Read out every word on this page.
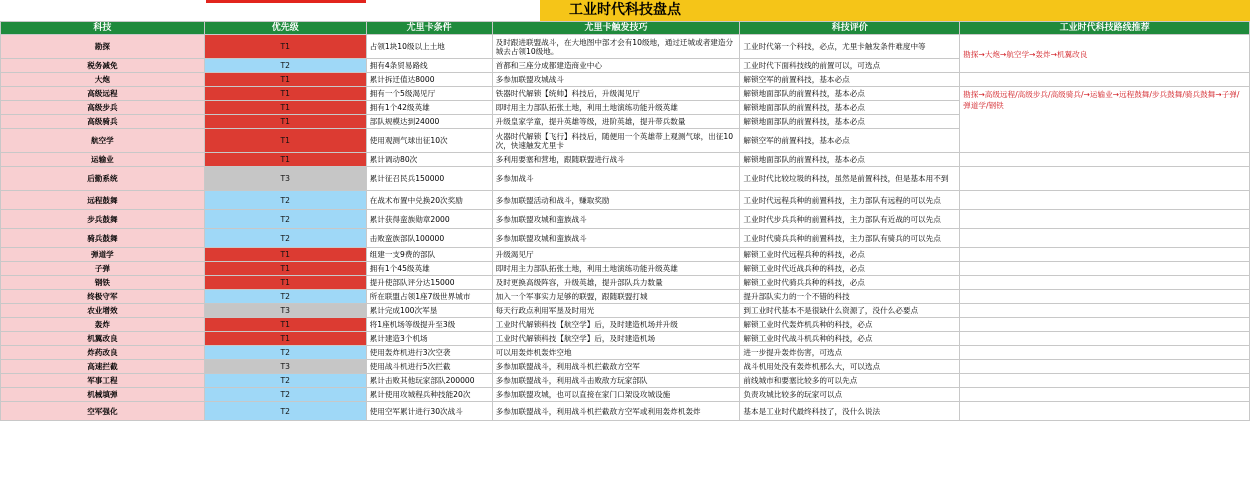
工业时代科技盘点
科技	优先级	尤里卡条件	尤里卡触发技巧	科技评价	工业时代科技路线推荐
勘探	T1	占领1块10级以上土地	及时跟进联盟战斗，在大地图中部才会有10级地，通过迁城或者建造分城去占领10级地。	工业时代第一个科技，必点，尤里卡触发条件难度中等	勘探→大炮→航空学→轰炸→机翼改良
税务减免	T2	拥有4条贸易路线	首都和三座分成都建造商业中心	工业时代下面科技线的前置可以，可选点	
大炮	T1	累计拆迁值达8000	多参加联盟攻城战斗	解锁空军的前置科技，基本必点	
高级远程	T1	拥有一个5级渴见厅	铁器时代解锁【统帅】科技后，升级渴见厅	解锁地面部队的前置科技，基本必点	勘探→高级远程/高级步兵/高级骑兵/→运输业→远程鼓舞/步兵鼓舞/骑兵鼓舞→子弹/弹道学/钢铁
高级步兵	T1	拥有1个42级英雄	即时用主力部队拓张土地，利用土地演练功能升级英雄	解锁地面部队的前置科技，基本必点	
高级骑兵	T1	部队规模达到24000	升级皇家学童，提升英雄等级，进阶英雄，提升带兵数量	解锁地面部队的前置科技，基本必点	
航空学	T1	使用观测气球出征10次	火器时代解锁【飞行】科技后，随便用一个英雄带上观测气球，出征10次，快速触发尤里卡	解锁空军的前置科技，基本必点	
运输业	T1	累计调动80次	多利用要塞和营地，跟随联盟进行战斗	解锁地面部队的前置科技，基本必点	
后勤系统	T3	累计征召民兵150000	多参加战斗	工业时代比较垃圾的科技，虽然是前置科技，但是基本用不到	
远程鼓舞	T2	在战术布置中兑换20次奖励	多参加联盟活动和战斗，赚取奖励	工业时代远程兵种的前置科技，主力部队有远程的可以先点	
步兵鼓舞	T2	累计获得蛮族勋章2000	多参加联盟攻城和蛮族战斗	工业时代步兵兵种的前置科技，主力部队有近战的可以先点	
骑兵鼓舞	T2	击败蛮族部队100000	多参加联盟攻城和蛮族战斗	工业时代骑兵兵种的前置科技，主力部队有骑兵的可以先点	
弹道学	T1	组建一支9费的部队	升级渴见厅	解锁工业时代远程兵种的科技，必点	
子弹	T1	拥有1个45级英雄	即时用主力部队拓张土地，利用土地演练功能升级英雄	解锁工业时代近战兵种的科技，必点	
钢铁	T1	提升使部队评分达15000	及时更换高级阵容，升级英雄，提升部队兵力数量	解锁工业时代骑兵兵种的科技，必点	
终极守军	T2	所在联盟占领1座7级世界城市	加入一个军事实力足够的联盟，跟随联盟打城	提升部队实力的一个不错的科技	
农业增效	T3	累计完成100次军垦	每天行政点利用军垦及时用光	到工业时代基本不是很缺什么资源了，没什么必要点	
轰炸	T1	将1座机场等级提升至3级	工业时代解锁科技【航空学】后，及时建造机场并升级	解锁工业时代轰炸机兵种的科技，必点	
机翼改良	T1	累计建造3个机场	工业时代解锁科技【航空学】后，及时建造机场	解锁工业时代战斗机兵种的科技，必点	
炸药改良	T2	使用轰炸机进行3次空袭	可以用轰炸机轰炸空地	进一步提升轰炸伤害，可选点	
高速拦截	T3	使用战斗机进行5次拦截	多参加联盟战斗，利用战斗机拦截敌方空军	战斗机用处没有轰炸机那么大，可以选点	
军事工程	T2	累计击败其他玩家部队200000	多参加联盟战斗，利用战斗击败敌方玩家部队	前线城市和要塞比较多的可以先点	
机械填弹	T2	累计使用攻城程兵种技能20次	多参加联盟攻城，也可以直接在家门口架设攻城设施	负责攻城比较多的玩家可以点	
空军强化	T2	使用空军累计进行30次战斗	多参加联盟战斗，利用战斗机拦截敌方空军或利用轰炸机轰炸	基本是工业时代最终科技了，没什么说法	
